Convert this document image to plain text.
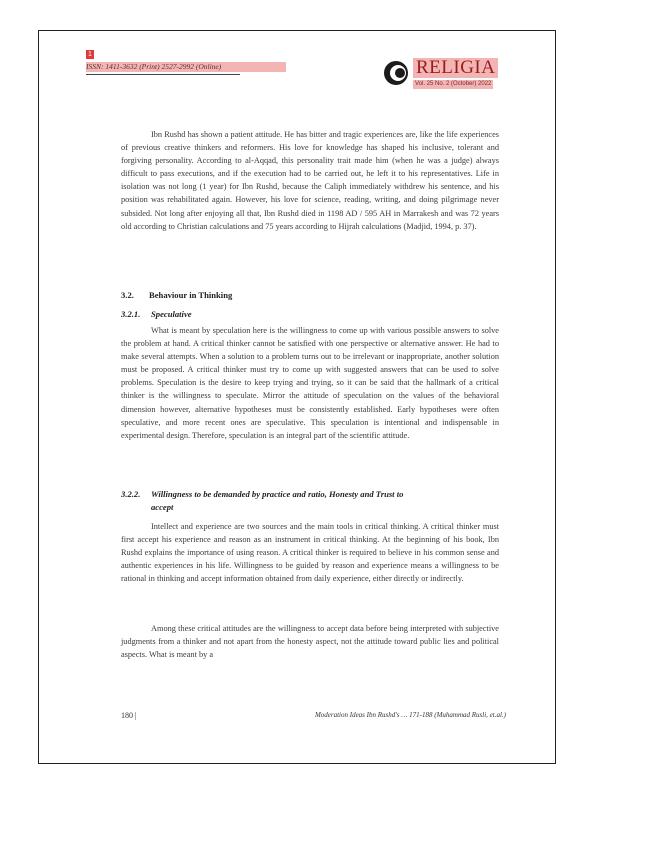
1
ISSN: 1411-3632 (Print) 2527-2992 (Online)	RELIGIA
Vol. 25 No. 2 (October) 2022

Ibn Rushd has shown a patient attitude. He has bitter and tragic experiences are, like the life experiences of previous creative thinkers and reformers. His love for knowledge has shaped his inclusive, tolerant and forgiving personality. According to al-Aqqad, this personality trait made him (when he was a judge) always difficult to pass executions, and if the execution had to be carried out, he left it to his representatives. Life in isolation was not long (1 year) for Ibn Rushd, because the Caliph immediately withdrew his sentence, and his position was rehabilitated again. However, his love for science, reading, writing, and doing pilgrimage never subsided. Not long after enjoying all that, Ibn Rushd died in 1198 AD / 595 AH in Marrakesh and was 72 years old according to Christian calculations and 75 years according to Hijrah calculations (Madjid, 1994, p. 37).

3.2. Behaviour in Thinking

3.2.1. Speculative

What is meant by speculation here is the willingness to come up with various possible answers to solve the problem at hand. A critical thinker cannot be satisfied with one perspective or alternative answer. He had to make several attempts. When a solution to a problem turns out to be irrelevant or inappropriate, another solution must be proposed. A critical thinker must try to come up with suggested answers that can be used to solve problems. Speculation is the desire to keep trying and trying, so it can be said that the hallmark of a critical thinker is the willingness to speculate. Mirror the attitude of speculation on the values of the behavioral dimension however, alternative hypotheses must be consistently established. Early hypotheses were often speculative, and more recent ones are speculative. This speculation is intentional and indispensable in experimental design. Therefore, speculation is an integral part of the scientific attitude.

3.2.2. Willingness to be demanded by practice and ratio, Honesty and Trust to
accept

Intellect and experience are two sources and the main tools in critical thinking. A critical thinker must first accept his experience and reason as an instrument in critical thinking. At the beginning of his book, Ibn Rushd explains the importance of using reason. A critical thinker is required to believe in his common sense and authentic experiences in his life. Willingness to be guided by reason and experience means a willingness to be rational in thinking and accept information obtained from daily experience, either directly or indirectly.

Among these critical attitudes are the willingness to accept data before being interpreted with subjective judgments from a thinker and not apart from the honesty aspect, not the attitude toward public lies and political aspects. What is meant by a

180 |	Moderation Ideas Ibn Rushd's … 171-188 (Muhammad Rusli, et.al.)
